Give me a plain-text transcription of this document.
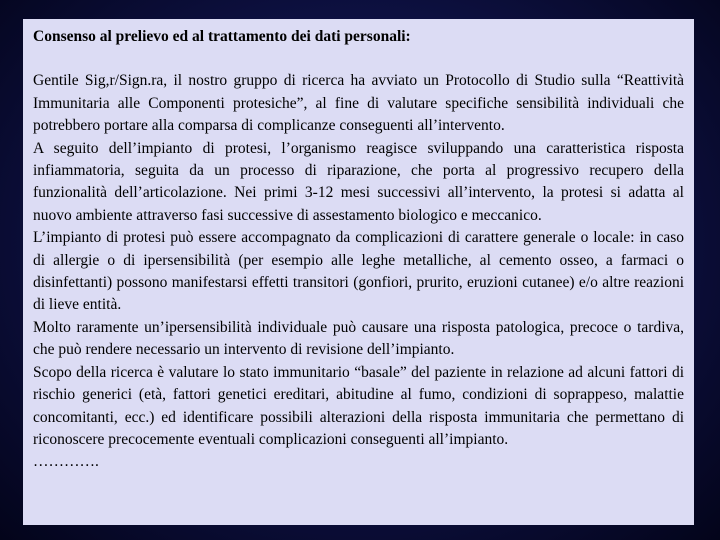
Consenso al prelievo ed al trattamento dei dati personali:

Gentile Sig,r/Sign.ra, il nostro gruppo di ricerca ha avviato un Protocollo di Studio sulla “Reattività Immunitaria alle Componenti protesiche”, al fine di valutare specifiche sensibilità individuali che potrebbero portare alla comparsa di complicanze conseguenti all’intervento.

A seguito dell’impianto di protesi, l’organismo reagisce sviluppando una caratteristica risposta infiammatoria, seguita da un processo di riparazione, che porta al progressivo recupero della funzionalità dell’articolazione. Nei primi 3-12 mesi successivi all’intervento, la protesi si adatta al nuovo ambiente attraverso fasi successive di assestamento biologico e meccanico.

L’impianto di protesi può essere accompagnato da complicazioni di carattere generale o locale: in caso di allergie o di ipersensibilità (per esempio alle leghe metalliche, al cemento osseo, a farmaci o disinfettanti) possono manifestarsi effetti transitori (gonfiori, prurito, eruzioni cutanee) e/o altre reazioni di lieve entità.

Molto raramente un’ipersensibilità individuale può causare una risposta patologica, precoce o tardiva, che può rendere necessario un intervento di revisione dell’impianto.

Scopo della ricerca è valutare lo stato immunitario “basale” del paziente in relazione ad alcuni fattori di rischio generici (età, fattori genetici ereditari, abitudine al fumo, condizioni di soprappeso, malattie concomitanti, ecc.) ed identificare possibili alterazioni della risposta immunitaria che permettano di riconoscere precocemente eventuali complicazioni conseguenti all’impianto.

………….
